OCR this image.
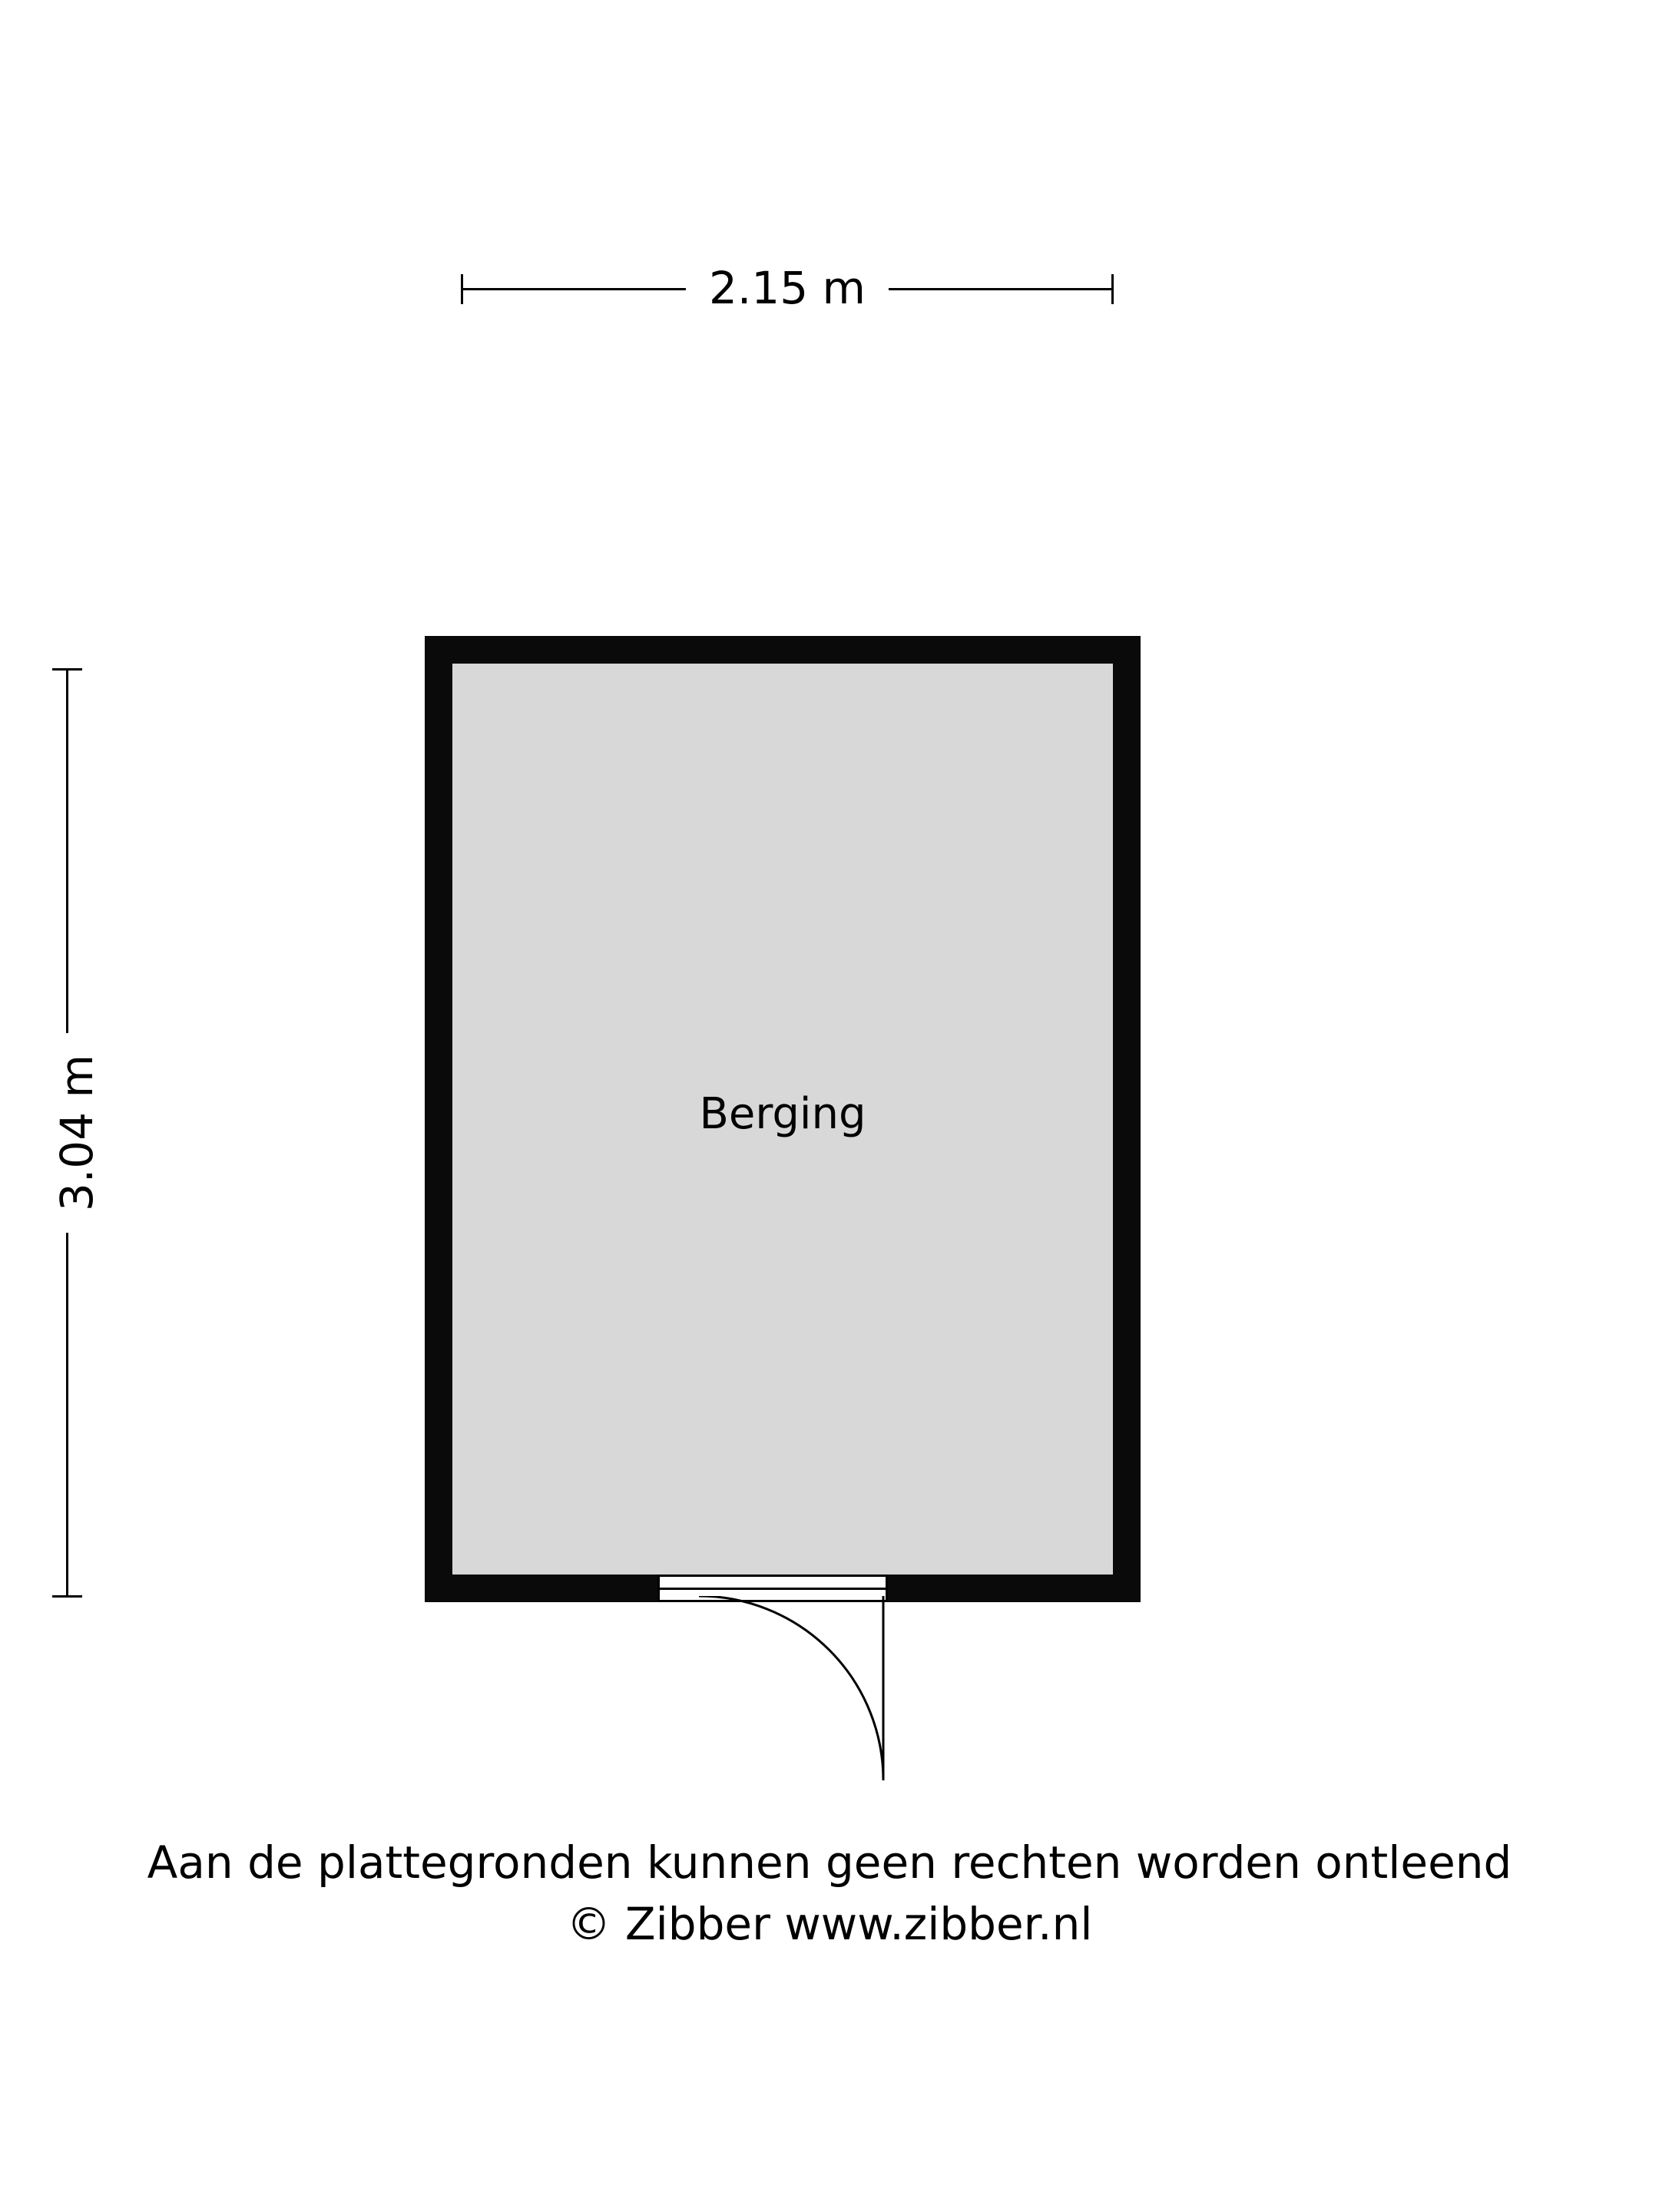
2.15 m
3.04 m	Berging
Aan de plattegronden kunnen geen rechten worden ontleend
© Zibber www.zibber.nl
